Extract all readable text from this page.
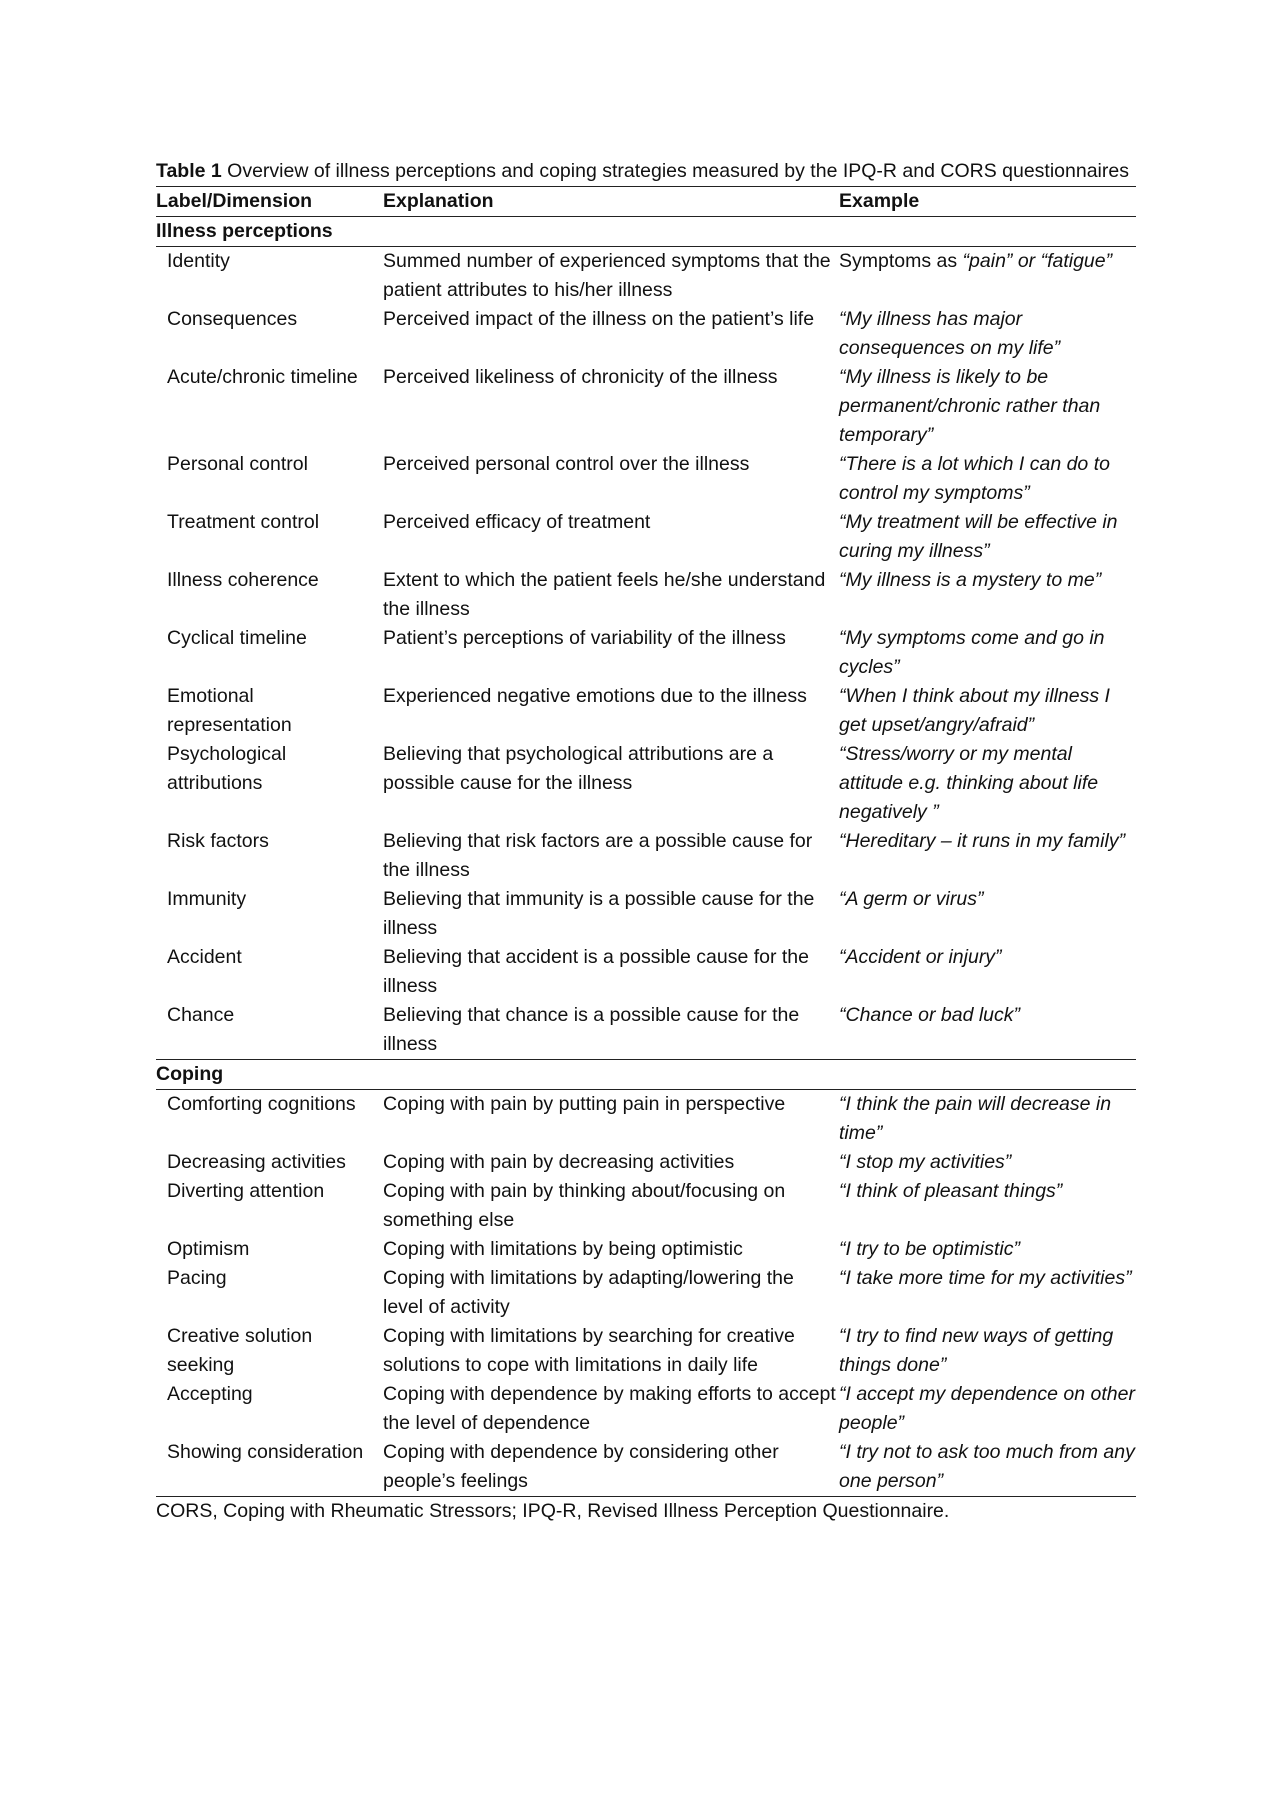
Table 1 Overview of illness perceptions and coping strategies measured by the IPQ-R and CORS questionnaires

Label/Dimension	Explanation	Example
Illness perceptions		
Identity	Summed number of experienced symptoms that the patient attributes to his/her illness	Symptoms as “pain” or “fatigue”
Consequences	Perceived impact of the illness on the patient’s life	“My illness has major consequences on my life”
Acute/chronic timeline	Perceived likeliness of chronicity of the illness	“My illness is likely to be permanent/chronic rather than temporary”
Personal control	Perceived personal control over the illness	“There is a lot which I can do to control my symptoms”
Treatment control	Perceived efficacy of treatment	“My treatment will be effective in curing my illness”
Illness coherence	Extent to which the patient feels he/she understand the illness	“My illness is a mystery to me”
Cyclical timeline	Patient’s perceptions of variability of the illness	“My symptoms come and go in cycles”
Emotional representation	Experienced negative emotions due to the illness	“When I think about my illness I get upset/angry/afraid”
Psychological attributions	Believing that psychological attributions are a possible cause for the illness	“Stress/worry or my mental attitude e.g. thinking about life negatively ”
Risk factors	Believing that risk factors are a possible cause for the illness	“Hereditary – it runs in my family”
Immunity	Believing that immunity is a possible cause for the illness	“A germ or virus”
Accident	Believing that accident is a possible cause for the illness	“Accident or injury”
Chance	Believing that chance is a possible cause for the illness	“Chance or bad luck”
Coping		
Comforting cognitions	Coping with pain by putting pain in perspective	“I think the pain will decrease in time”
Decreasing activities	Coping with pain by decreasing activities	“I stop my activities”
Diverting attention	Coping with pain by thinking about/focusing on something else	“I think of pleasant things”
Optimism	Coping with limitations by being optimistic	“I try to be optimistic”
Pacing	Coping with limitations by adapting/lowering the level of activity	“I take more time for my activities”
Creative solution seeking	Coping with limitations by searching for creative solutions to cope with limitations in daily life	“I try to find new ways of getting things done”
Accepting	Coping with dependence by making efforts to accept the level of dependence	“I accept my dependence on other people”
Showing consideration	Coping with dependence by considering other people’s feelings	“I try not to ask too much from any one person”

CORS, Coping with Rheumatic Stressors; IPQ-R, Revised Illness Perception Questionnaire.
